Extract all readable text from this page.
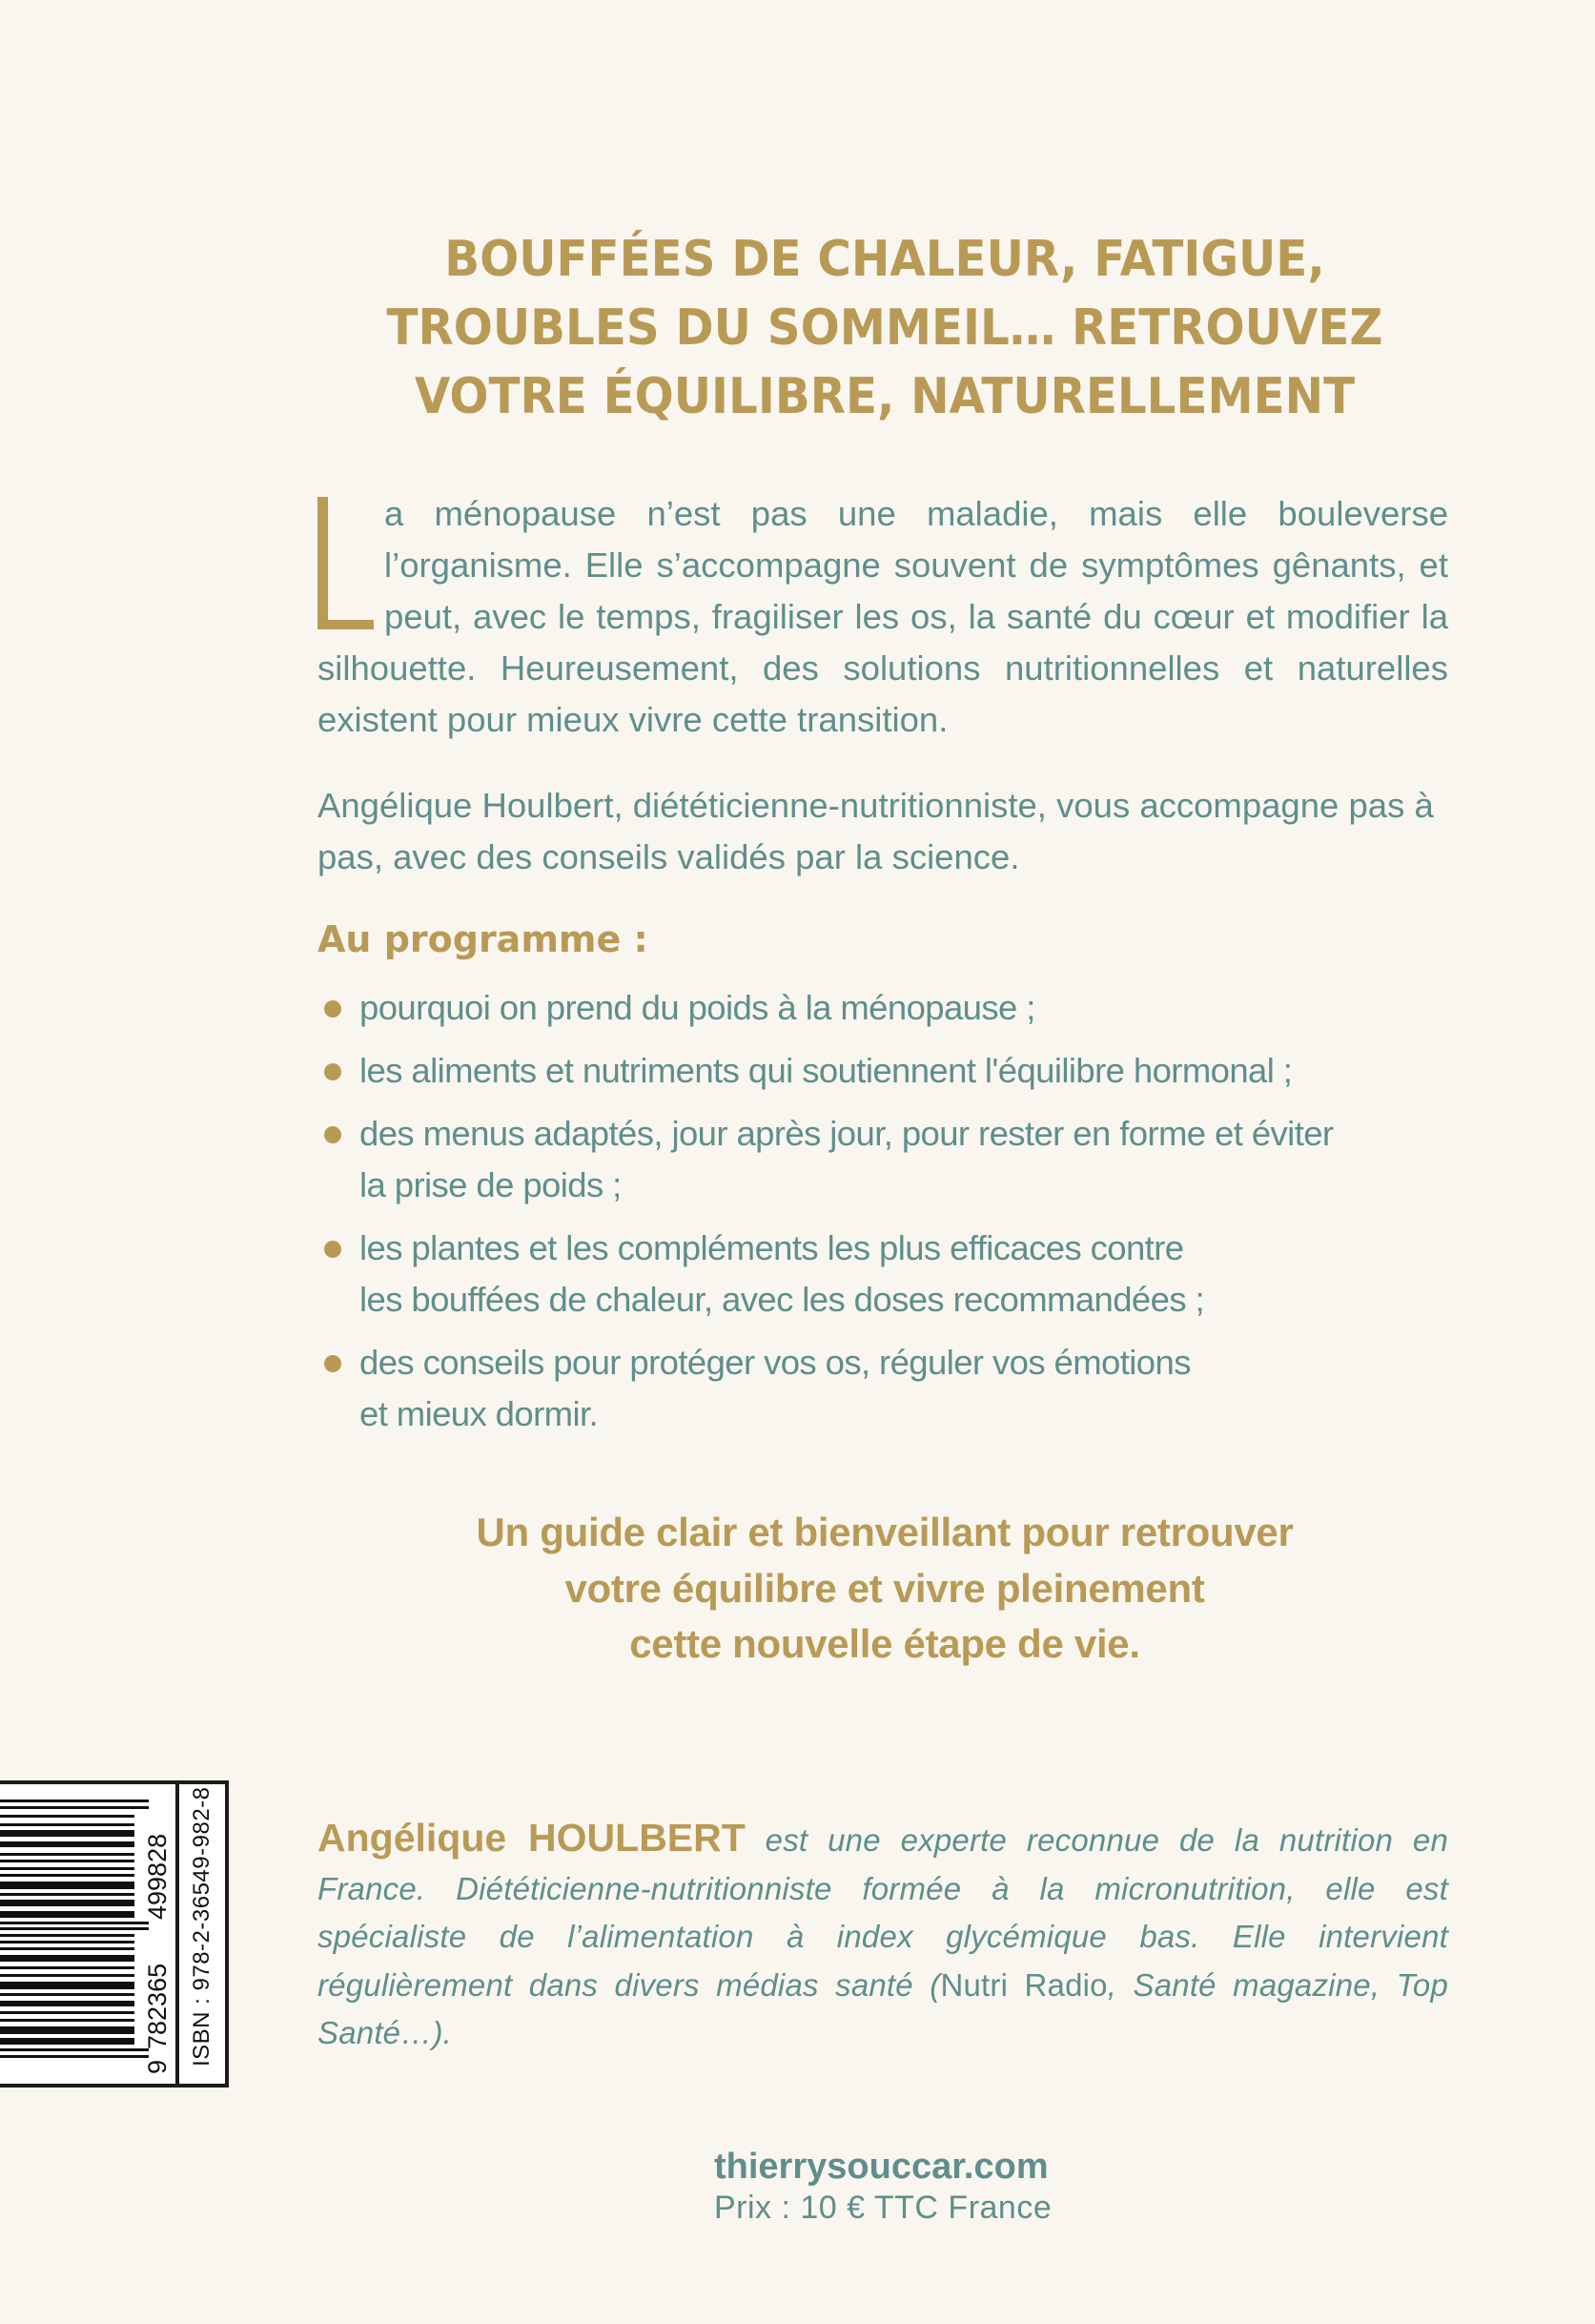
BOUFFÉES DE CHALEUR, FATIGUE,
TROUBLES DU SOMMEIL… RETROUVEZ
VOTRE ÉQUILIBRE, NATURELLEMENT

a ménopause n’est pas une maladie, mais elle bouleverse l’organisme. Elle s’accompagne souvent de symptômes gênants, et peut, avec le temps, fragiliser les os, la santé du cœur et modifier la silhouette. Heureusement, des solutions nutritionnelles et naturelles existent pour mieux vivre cette transition.

Angélique Houlbert, diététicienne-nutritionniste, vous accompagne pas à pas, avec des conseils validés par la science.

Au programme :
pourquoi on prend du poids à la ménopause ;
les aliments et nutriments qui soutiennent l'équilibre hormonal ;
des menus adaptés, jour après jour, pour rester en forme et éviter la prise de poids ;
les plantes et les compléments les plus efficaces contre les bouffées de chaleur, avec les doses recommandées ;
des conseils pour protéger vos os, réguler vos émotions et mieux dormir.

Un guide clair et bienveillant pour retrouver
votre équilibre et vivre pleinement
cette nouvelle étape de vie.

9
782365
499828 ISBN : 978-2-36549-982-8	Angélique HOULBERT est une experte reconnue de la nutrition en France. Diététicienne-nutritionniste formée à la micronutrition, elle est spécialiste de l’alimentation à index glycémique bas. Elle intervient régulièrement dans divers médias santé (Nutri Radio, Santé magazine, Top Santé…).

thierrysouccar.com
Prix : 10 € TTC France
